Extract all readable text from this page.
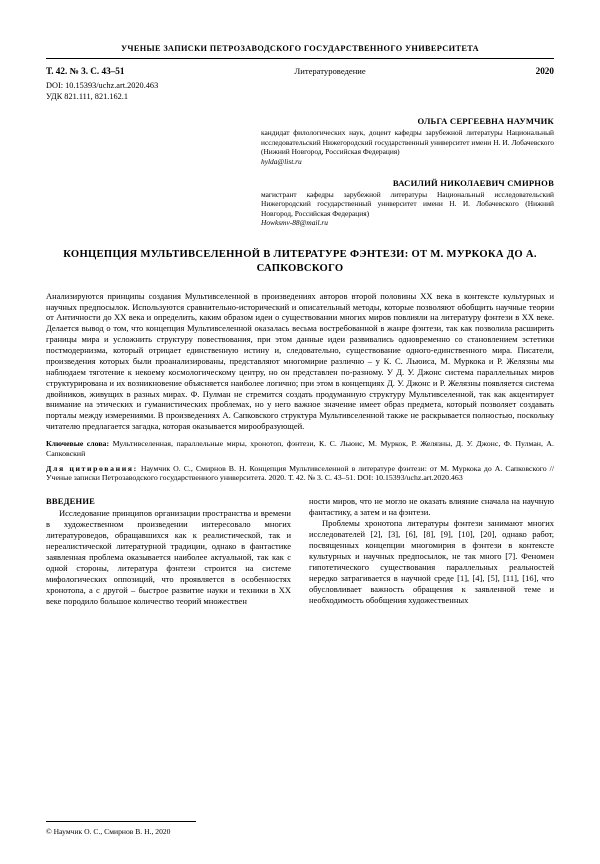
УЧЕНЫЕ ЗАПИСКИ ПЕТРОЗАВОДСКОГО ГОСУДАРСТВЕННОГО УНИВЕРСИТЕТА
Т. 42. № 3. С. 43–51	Литературоведение	2020
DOI: 10.15393/uchz.art.2020.463
УДК 821.111, 821.162.1
ОЛЬГА СЕРГЕЕВНА НАУМЧИК
кандидат филологических наук, доцент кафедры зарубежной литературы Национальный исследовательский Нижегородский государственный университет имени Н. И. Лобачевского (Нижний Новгород, Российская Федерация)
hylda@list.ru
ВАСИЛИЙ НИКОЛАЕВИЧ СМИРНОВ
магистрант кафедры зарубежной литературы Национальный исследовательский Нижегородский государственный университет имени Н. И. Лобачевского (Нижний Новгород, Российская Федерация)
Howksmv-88@mail.ru
КОНЦЕПЦИЯ МУЛЬТИВСЕЛЕННОЙ В ЛИТЕРАТУРЕ ФЭНТЕЗИ: ОТ М. МУРКОКА ДО А. САПКОВСКОГО
Анализируются принципы создания Мультивселенной в произведениях авторов второй половины XX века в контексте культурных и научных предпосылок. Используются сравнительно-исторический и описательный методы, которые позволяют обобщить научные теории от Античности до XX века и определить, каким образом идеи о существовании многих миров повлияли на литературу фэнтези в XX веке. Делается вывод о том, что концепция Мультивселенной оказалась весьма востребованной в жанре фэнтези, так как позволила расширить границы мира и усложнить структуру повествования, при этом данные идеи развивались одновременно со становлением эстетики постмодернизма, который отрицает единственную истину и, следовательно, существование одного-единственного мира. Писатели, произведения которых были проанализированы, представляют многомирие различно – у К. С. Льюиса, М. Муркока и Р. Желязны мы наблюдаем тяготение к некоему космологическому центру, но он представлен по-разному. У Д. У. Джонс система параллельных миров структурирована и их возникновение объясняется наиболее логично; при этом в концепциях Д. У. Джонс и Р. Желязны появляется система двойников, живущих в разных мирах. Ф. Пулман не стремится создать продуманную структуру Мультивселенной, так как акцентирует внимание на этических и гуманистических проблемах, но у него важное значение имеет образ предмета, который позволяет создавать порталы между измерениями. В произведениях А. Сапковского структура Мультивселенной также не раскрывается полностью, поскольку читателю предлагается загадка, которая оказывается мирообразующей.
Ключевые слова: Мультивселенная, параллельные миры, хронотоп, фэнтези, К. С. Льюис, М. Муркок, Р. Желязны, Д. У. Джонс, Ф. Пулман, А. Сапковский
Для цитирования: Наумчик О. С., Смирнов В. Н. Концепция Мультивселенной в литературе фэнтези: от М. Муркока до А. Сапковского // Ученые записки Петрозаводского государственного университета. 2020. Т. 42. № 3. С. 43–51. DOI: 10.15393/uchz.art.2020.463
ВВЕДЕНИЕ

Исследование принципов организации пространства и времени в художественном произведении интересовало многих литературоведов, обращавшихся как к реалистической, так и нереалистической литературной традиции, однако в фантастике заявленная проблема оказывается наиболее актуальной, так как с одной стороны, литература фэнтези строится на системе мифологических оппозиций, что проявляется в особенностях хронотопа, а с другой – быстрое развитие науки и техники в XX веке породило большое количество теорий множествен

ности миров, что не могло не оказать влияние сначала на научную фантастику, а затем и на фэнтези.

Проблемы хронотопа литературы фэнтези занимают многих исследователей [2], [3], [6], [8], [9], [10], [20], однако работ, посвященных концепции многомирия в фэнтези в контексте культурных и научных предпосылок, не так много [7]. Феномен гипотетического существования параллельных реальностей нередко затрагивается в научной среде [1], [4], [5], [11], [16], что обусловливает важность обращения к заявленной теме и необходимость обобщения художественных

© Наумчик О. С., Смирнов В. Н., 2020
